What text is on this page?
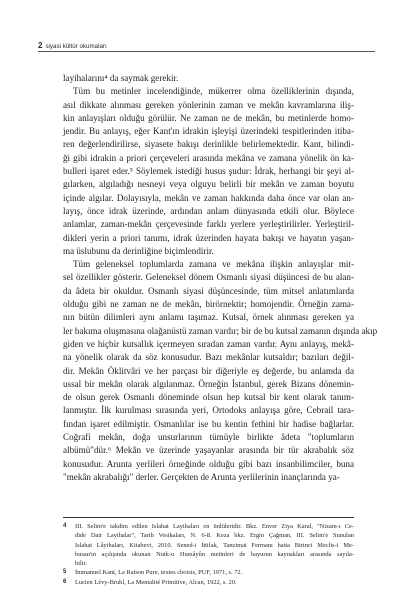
2 siyasi kültür okumaları
layihalarını⁴ da saymak gerekir.
Tüm bu metinler incelendiğinde, mükerrer olma özelliklerinin dışında,
asıl dikkate alınması gereken yönlerinin zaman ve mekân kavramlarına iliş-
kin anlayışları olduğu görülür. Ne zaman ne de mekân, bu metinlerde homo-
jendir. Bu anlayış, eğer Kant'ın idrakin işleyişi üzerindeki tespitlerinden itiba-
ren değerlendirilirse, siyasete bakışı derinlikle belirlemektedir. Kant, bilindi-
ği gibi idrakin a priori çerçeveleri arasında mekâna ve zamana yönelik ön ka-
bulleri işaret eder.⁵ Söylemek istediği husus şudur: İdrak, herhangi bir şeyi al-
gılarken, algıladığı nesneyi veya olguyu belirli bir mekân ve zaman boyutu
içinde algılar. Dolayısıyla, mekân ve zaman hakkında daha önce var olan an-
layış, önce idrak üzerinde, ardından anlam dünyasında etkili olur. Böylece
anlamlar, zaman-mekân çerçevesinde farklı yerlere yerleştirilirler. Yerleştiril-
dikleri yerin a priori tanımı, idrak üzerinden hayata bakışı ve hayatın yaşan-
ma üslubunu da derinliğine biçimlendirir.
Tüm geleneksel toplumlarda zamana ve mekâna ilişkin anlayışlar mit-
sel özellikler gösterir. Geleneksel dönem Osmanlı siyasi düşüncesi de bu alan-
da âdeta bir okuldur. Osmanlı siyasi düşüncesinde, tüm mitsel anlatımlarda
olduğu gibi ne zaman ne de mekân, birörnektir; homojendir. Örneğin zama-
nın bütün dilimleri aynı anlamı taşımaz. Kutsal, örnek alınması gereken ya
ler bakıma oluşmasına olağanüstü zaman vardır; bir de bu kutsal zamanın dışında akıp
giden ve hiçbir kutsallık içermeyen sıradan zaman vardır. Aynı anlayış, mekâ-
na yönelik olarak da söz konusudur. Bazı mekânlar kutsaldır; bazıları değil-
dir. Mekân Öklitvâri ve her parçası bir diğeriyle eş değerde, bu anlamda da
ussal bir mekân olarak algılanmaz. Örneğin İstanbul, gerek Bizans dönemin-
de olsun gerek Osmanlı döneminde olsun hep kutsal bir kent olarak tanım-
lanmıştır. İlk kurulması sırasında yeri, Ortodoks anlayışa göre, Cebrail tara-
fından işaret edilmiştir. Osmanlılar ise bu kentin fethini bir hadise bağlarlar.
Coğrafi mekân, doğa unsurlarının tümüyle birlikte âdeta "toplumların
albümü"dür.⁶ Mekân ve üzerinde yaşayanlar arasında bir tür akrabalık söz
konusudur. Arunta yerlileri örneğinde olduğu gibi bazı insanbilimciler, buna
"mekân akrabalığı" derler. Gerçekten de Arunta yerlilerinin inançlarında ya-
4 III. Selim'e takdim edilen Islahat Layihaları en ünlüleridir. Bkz. Enver Ziya Karal, "Nizam-ı Ce-
dide Dair Layihalar", Tarih Vesikaları, N. 6-8. Keza bkz. Ergin Çağman, III. Selim'e Sunulan
Islahat Lâyihaları, Kitabevi, 2010. Sened-i İttifak, Tanzimat Fermanı hatta Birinci Meclis-i Me-
busan'ın açılışında okunan Nutk-u Humâyûn metinleri de bayurun kaynakları arasında sayıla-
bilir.
5 İmmanuel Kant, La Raison Pure, textes choisis, PUF, 1971, s. 72.
6 Lucien Lévy-Bruhl, La Mentalité Primitive, Alcan, 1922, s. 20.
